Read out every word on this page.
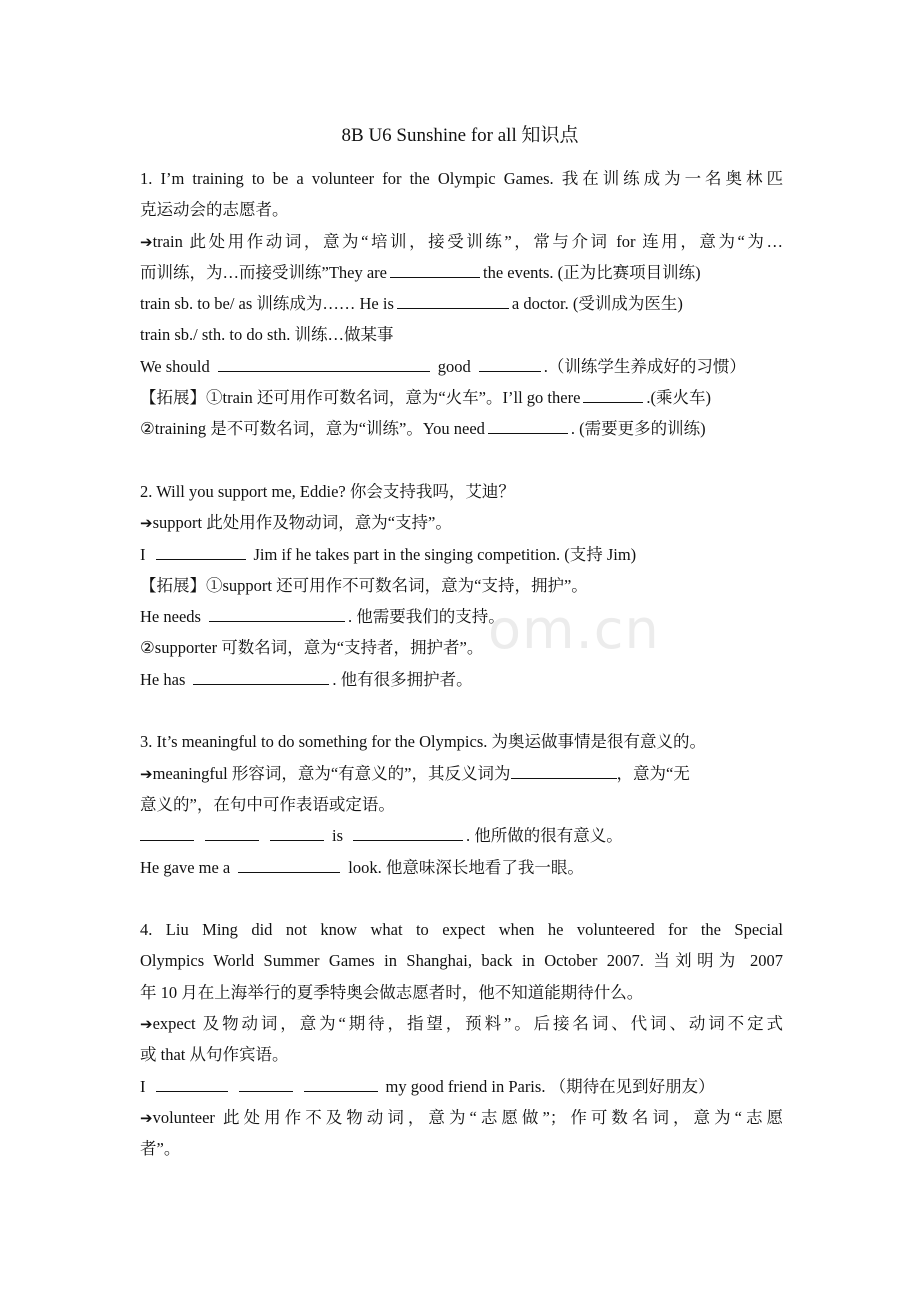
om.cn
8B U6 Sunshine for all 知识点
1. I’m training to be a volunteer for the Olympic Games. 我在训练成为一名奥林匹
克运动会的志愿者。
➔train 此处用作动词，意为“培训，接受训练”，常与介词 for 连用，意为“为…
而训练，为…而接受训练”They are	the events. (正为比赛项目训练)
train sb. to be/ as 训练成为…… He is	a doctor. (受训成为医生)
train sb./ sth. to do sth. 训练…做某事
We should	good	.（训练学生养成好的习惯）
【拓展】①train 还可用作可数名词，意为“火车”。I’ll go there	.(乘火车)
②training 是不可数名词，意为“训练”。You need	. (需要更多的训练)
2. Will you support me, Eddie? 你会支持我吗，艾迪？
➔support 此处用作及物动词，意为“支持”。
I	Jim if he takes part in the singing competition. (支持 Jim)
【拓展】①support 还可用作不可数名词，意为“支持，拥护”。
He needs	. 他需要我们的支持。
②supporter 可数名词，意为“支持者，拥护者”。
He has	. 他有很多拥护者。
3. It’s meaningful to do something for the Olympics. 为奥运做事情是很有意义的。
➔meaningful 形容词，意为“有意义的”，其反义词为	，意为“无
意义的”，在句中可作表语或定语。
is	. 他所做的很有意义。
He gave me a	look. 他意味深长地看了我一眼。
4. Liu Ming did not know what to expect when he volunteered for the Special
Olympics World Summer Games in Shanghai, back in October 2007. 当刘明为 2007
年 10 月在上海举行的夏季特奥会做志愿者时，他不知道能期待什么。
➔expect 及物动词，意为“期待，指望，预料”。后接名词、代词、动词不定式
或 that 从句作宾语。
I	my good friend in Paris. （期待在见到好朋友）
➔volunteer 此处用作不及物动词，意为“志愿做”；作可数名词，意为“志愿
者”。
